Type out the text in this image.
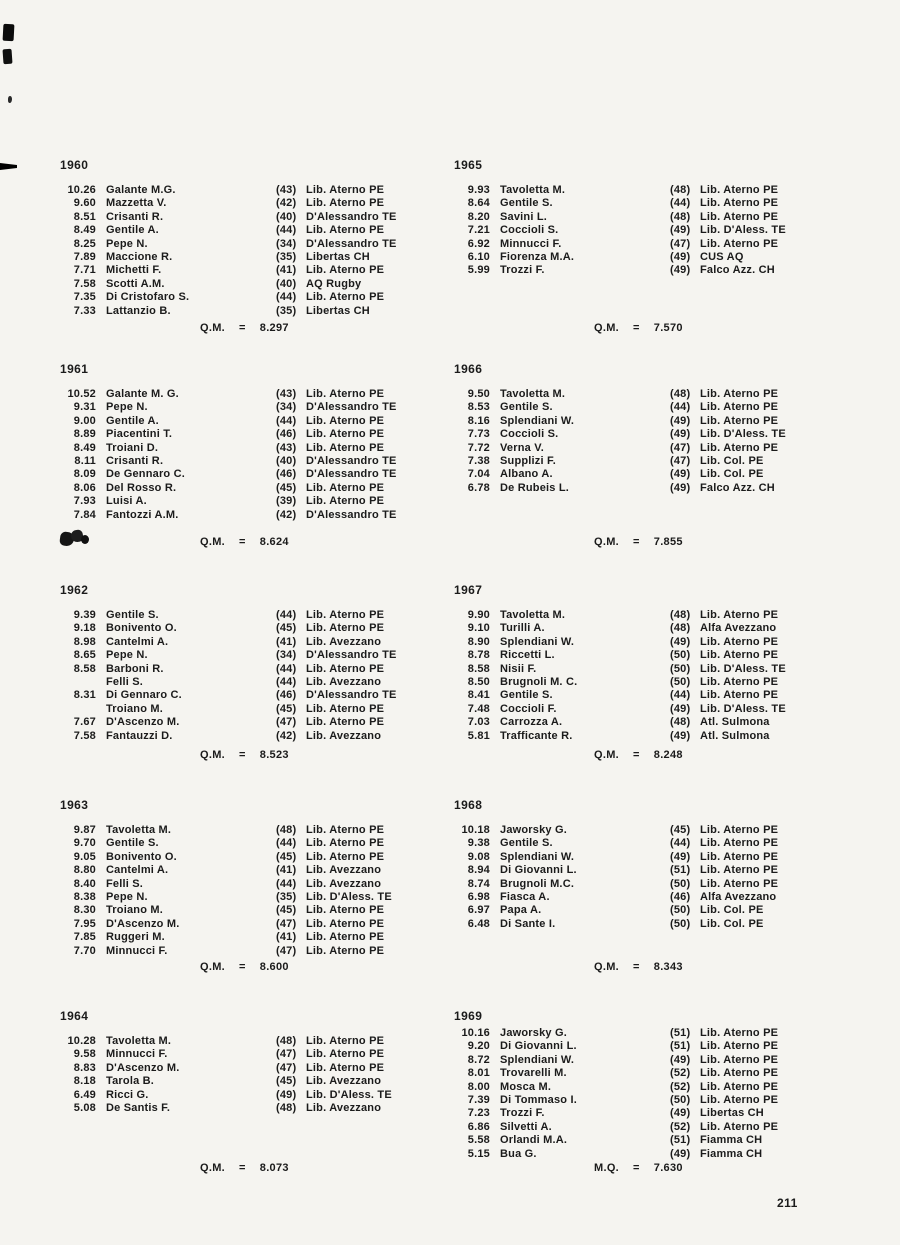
211
1960
10.26 Galante M.G.	(43) Lib. Aterno PE
9.60 Mazzetta V.	(42) Lib. Aterno PE
8.51 Crisanti R.	(40) D'Alessandro TE
8.49 Gentile A.	(44) Lib. Aterno PE
8.25 Pepe N.	(34) D'Alessandro TE
7.89 Maccione R.	(35) Libertas CH
7.71 Michetti F.	(41) Lib. Aterno PE
7.58 Scotti A.M.	(40) AQ Rugby
7.35 Di Cristofaro S.	(44) Lib. Aterno PE
7.33 Lattanzio B.	(35) Libertas CH
Q.M. = 8.297
1961
10.52 Galante M. G.	(43) Lib. Aterno PE
9.31 Pepe N.	(34) D'Alessandro TE
9.00 Gentile A.	(44) Lib. Aterno PE
8.89 Piacentini T.	(46) Lib. Aterno PE
8.49 Troiani D.	(43) Lib. Aterno PE
8.11 Crisanti R.	(40) D'Alessandro TE
8.09 De Gennaro C.	(46) D'Alessandro TE
8.06 Del Rosso R.	(45) Lib. Aterno PE
7.93 Luisi A.	(39) Lib. Aterno PE
7.84 Fantozzi A.M.	(42) D'Alessandro TE
Q.M. = 8.624
1962
9.39 Gentile S.	(44) Lib. Aterno PE
9.18 Bonivento O.	(45) Lib. Aterno PE
8.98 Cantelmi A.	(41) Lib. Avezzano
8.65 Pepe N.	(34) D'Alessandro TE
8.58 Barboni R.	(44) Lib. Aterno PE
Felli S.	(44) Lib. Avezzano
8.31 Di Gennaro C.	(46) D'Alessandro TE
Troiano M.	(45) Lib. Aterno PE
7.67 D'Ascenzo M.	(47) Lib. Aterno PE
7.58 Fantauzzi D.	(42) Lib. Avezzano
Q.M. = 8.523
1963
9.87 Tavoletta M.	(48) Lib. Aterno PE
9.70 Gentile S.	(44) Lib. Aterno PE
9.05 Bonivento O.	(45) Lib. Aterno PE
8.80 Cantelmi A.	(41) Lib. Avezzano
8.40 Felli S.	(44) Lib. Avezzano
8.38 Pepe N.	(35) Lib. D'Aless. TE
8.30 Troiano M.	(45) Lib. Aterno PE
7.95 D'Ascenzo M.	(47) Lib. Aterno PE
7.85 Ruggeri M.	(41) Lib. Aterno PE
7.70 Minnucci F.	(47) Lib. Aterno PE
Q.M. = 8.600
1964
10.28 Tavoletta M.	(48) Lib. Aterno PE
9.58 Minnucci F.	(47) Lib. Aterno PE
8.83 D'Ascenzo M.	(47) Lib. Aterno PE
8.18 Tarola B.	(45) Lib. Avezzano
6.49 Ricci G.	(49) Lib. D'Aless. TE
5.08 De Santis F.	(48) Lib. Avezzano
Q.M. = 8.073
1965
9.93 Tavoletta M.	(48) Lib. Aterno PE
8.64 Gentile S.	(44) Lib. Aterno PE
8.20 Savini L.	(48) Lib. Aterno PE
7.21 Coccioli S.	(49) Lib. D'Aless. TE
6.92 Minnucci F.	(47) Lib. Aterno PE
6.10 Fiorenza M.A.	(49) CUS AQ
5.99 Trozzi F.	(49) Falco Azz. CH
Q.M. = 7.570
1966
9.50 Tavoletta M.	(48) Lib. Aterno PE
8.53 Gentile S.	(44) Lib. Aterno PE
8.16 Splendiani W.	(49) Lib. Aterno PE
7.73 Coccioli S.	(49) Lib. D'Aless. TE
7.72 Verna V.	(47) Lib. Aterno PE
7.38 Supplizi F.	(47) Lib. Col. PE
7.04 Albano A.	(49) Lib. Col. PE
6.78 De Rubeis L.	(49) Falco Azz. CH
Q.M. = 7.855
1967
9.90 Tavoletta M.	(48) Lib. Aterno PE
9.10 Turilli A.	(48) Alfa Avezzano
8.90 Splendiani W.	(49) Lib. Aterno PE
8.78 Riccetti L.	(50) Lib. Aterno PE
8.58 Nisii F.	(50) Lib. D'Aless. TE
8.50 Brugnoli M. C.	(50) Lib. Aterno PE
8.41 Gentile S.	(44) Lib. Aterno PE
7.48 Coccioli F.	(49) Lib. D'Aless. TE
7.03 Carrozza A.	(48) Atl. Sulmona
5.81 Trafficante R.	(49) Atl. Sulmona
Q.M. = 8.248
1968
10.18 Jaworsky G.	(45) Lib. Aterno PE
9.38 Gentile S.	(44) Lib. Aterno PE
9.08 Splendiani W.	(49) Lib. Aterno PE
8.94 Di Giovanni L.	(51) Lib. Aterno PE
8.74 Brugnoli M.C.	(50) Lib. Aterno PE
6.98 Fiasca A.	(46) Alfa Avezzano
6.97 Papa A.	(50) Lib. Col. PE
6.48 Di Sante I.	(50) Lib. Col. PE
Q.M. = 8.343
1969
10.16 Jaworsky G.	(51) Lib. Aterno PE
9.20 Di Giovanni L.	(51) Lib. Aterno PE
8.72 Splendiani W.	(49) Lib. Aterno PE
8.01 Trovarelli M.	(52) Lib. Aterno PE
8.00 Mosca M.	(52) Lib. Aterno PE
7.39 Di Tommaso I.	(50) Lib. Aterno PE
7.23 Trozzi F.	(49) Libertas CH
6.86 Silvetti A.	(52) Lib. Aterno PE
5.58 Orlandi M.A.	(51) Fiamma CH
5.15 Bua G.	(49) Fiamma CH
M.Q. = 7.630
